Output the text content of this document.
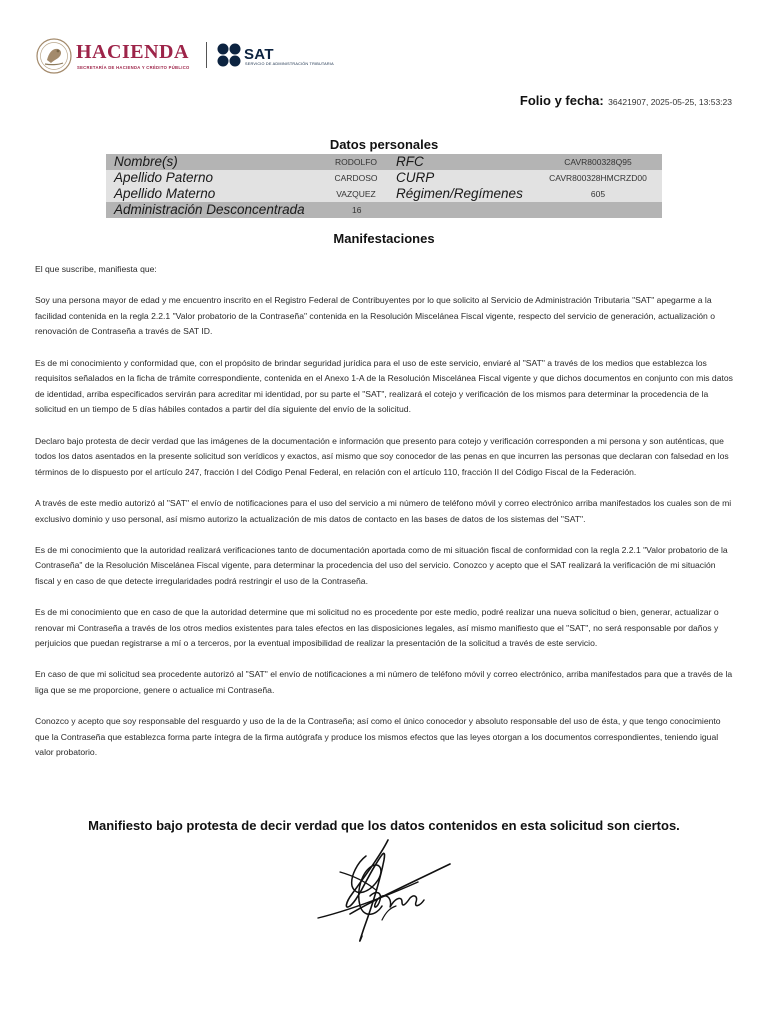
HACIENDA
SECRETARÍA DE HACIENDA Y CRÉDITO PÚBLICO
SAT
SERVICIO DE ADMINISTRACIÓN TRIBUTARIA
Folio y fecha: 36421907, 2025-05-25, 13:53:23
Datos personales
Nombre(s)	RODOLFO	RFC	CAVR800328Q95
Apellido Paterno	CARDOSO	CURP	CAVR800328HMCRZD00
Apellido Materno	VAZQUEZ	Régimen/Regímenes	605
Administración Desconcentrada	16
Manifestaciones

El que suscribe, manifiesta que:

Soy una persona mayor de edad y me encuentro inscrito en el Registro Federal de Contribuyentes por lo que solicito al Servicio de Administración Tributaria "SAT" apegarme a la facilidad contenida en la regla 2.2.1 "Valor probatorio de la Contraseña" contenida en la Resolución Miscelánea Fiscal vigente, respecto del servicio de generación, actualización o renovación de Contraseña a través de SAT ID.

Es de mi conocimiento y conformidad que, con el propósito de brindar seguridad jurídica para el uso de este servicio, enviaré al "SAT" a través de los medios que establezca los requisitos señalados en la ficha de trámite correspondiente, contenida en el Anexo 1-A de la Resolución Miscelánea Fiscal vigente y que dichos documentos en conjunto con mis datos de identidad, arriba especificados servirán para acreditar mi identidad, por su parte el "SAT", realizará el cotejo y verificación de los mismos para determinar la procedencia de la solicitud en un tiempo de 5 días hábiles contados a partir del día siguiente del envío de la solicitud.

Declaro bajo protesta de decir verdad que las imágenes de la documentación e información que presento para cotejo y verificación corresponden a mi persona y son auténticas, que todos los datos asentados en la presente solicitud son verídicos y exactos, así mismo que soy conocedor de las penas en que incurren las personas que declaran con falsedad en los términos de lo dispuesto por el artículo 247, fracción I del Código Penal Federal, en relación con el artículo 110, fracción II del Código Fiscal de la Federación.

A través de este medio autorizó al "SAT" el envío de notificaciones para el uso del servicio a mi número de teléfono móvil y correo electrónico arriba manifestados los cuales son de mi exclusivo dominio y uso personal, así mismo autorizo la actualización de mis datos de contacto en las bases de datos de los sistemas del "SAT".

Es de mi conocimiento que la autoridad realizará verificaciones tanto de documentación aportada como de mi situación fiscal de conformidad con la regla 2.2.1 "Valor probatorio de la Contraseña" de la Resolución Miscelánea Fiscal vigente, para determinar la procedencia del uso del servicio. Conozco y acepto que el SAT realizará la verificación de mi situación fiscal y en caso de que detecte irregularidades podrá restringir el uso de la Contraseña.

Es de mi conocimiento que en caso de que la autoridad determine que mi solicitud no es procedente por este medio, podré realizar una nueva solicitud o bien, generar, actualizar o renovar mi Contraseña a través de los otros medios existentes para tales efectos en las disposiciones legales, así mismo manifiesto que el "SAT", no será responsable por daños y perjuicios que puedan registrarse a mí o a terceros, por la eventual imposibilidad de realizar la presentación de la solicitud a través de este servicio.

En caso de que mi solicitud sea procedente autorizó al "SAT" el envío de notificaciones a mi número de teléfono móvil y correo electrónico, arriba manifestados para que a través de la liga que se me proporcione, genere o actualice mi Contraseña.

Conozco y acepto que soy responsable del resguardo y uso de la de la Contraseña; así como el único conocedor y absoluto responsable del uso de ésta, y que tengo conocimiento que la Contraseña que establezca forma parte íntegra de la firma autógrafa y produce los mismos efectos que las leyes otorgan a los documentos correspondientes, teniendo igual valor probatorio.

Manifiesto bajo protesta de decir verdad que los datos contenidos en esta solicitud son ciertos.
